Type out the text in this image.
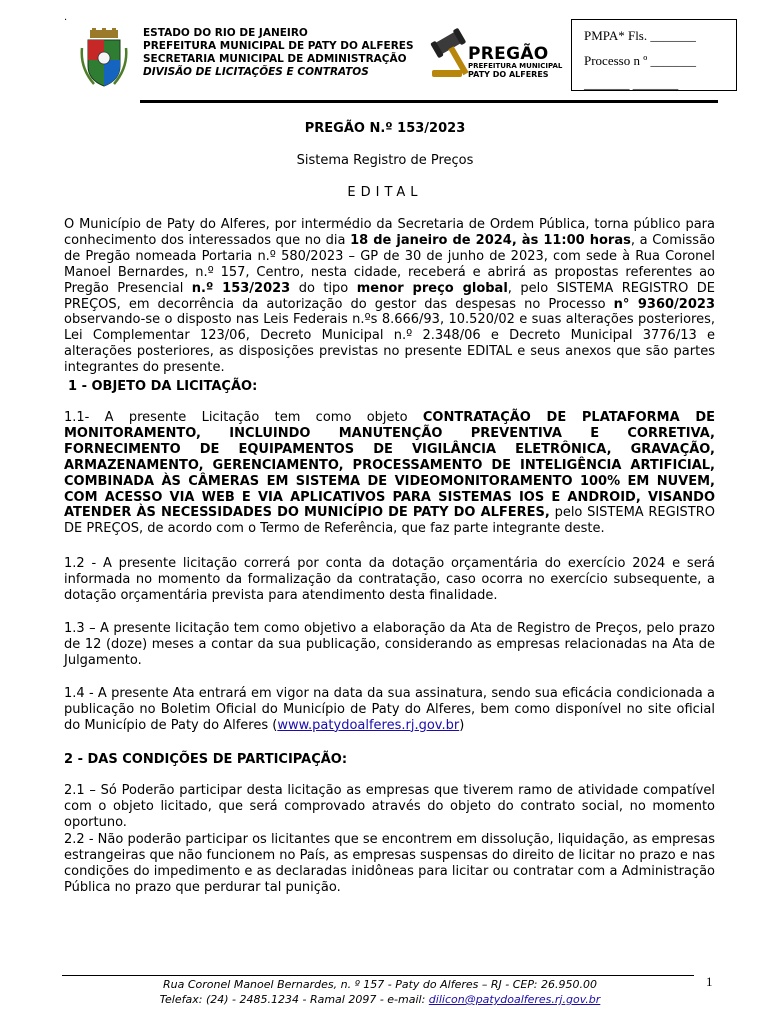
.
ESTADO DO RIO DE JANEIRO
PREFEITURA MUNICIPAL DE PATY DO ALFERES
SECRETARIA MUNICIPAL DE ADMINISTRAÇÃO
DIVISÃO DE LICITAÇÕES E CONTRATOS
PREGÃO
PREFEITURA MUNICIPAL
PATY DO ALFERES
PMPA* Fls. _______
Processo n º _______
_______ _______
PREGÃO N.º 153/2023
Sistema Registro de Preços
EDITAL
O Município de Paty do Alferes, por intermédio da Secretaria de Ordem Pública, torna público para conhecimento dos interessados que no dia 18 de janeiro de 2024, às 11:00 horas, a Comissão de Pregão nomeada Portaria n.º 580/2023 – GP de 30 de junho de 2023, com sede à Rua Coronel Manoel Bernardes, n.º 157, Centro, nesta cidade, receberá e abrirá as propostas referentes ao Pregão Presencial n.º 153/2023 do tipo menor preço global, pelo SISTEMA REGISTRO DE PREÇOS, em decorrência da autorização do gestor das despesas no Processo n° 9360/2023 observando-se o disposto nas Leis Federais n.ºs 8.666/93, 10.520/02 e suas alterações posteriores, Lei Complementar 123/06, Decreto Municipal n.º 2.348/06 e Decreto Municipal 3776/13 e alterações posteriores, as disposições previstas no presente EDITAL e seus anexos que são partes integrantes do presente.
1 - OBJETO DA LICITAÇÃO:
1.1- A presente Licitação tem como objeto CONTRATAÇÃO DE PLATAFORMA DE MONITORAMENTO, INCLUINDO MANUTENÇÃO PREVENTIVA E CORRETIVA, FORNECIMENTO DE EQUIPAMENTOS DE VIGILÂNCIA ELETRÔNICA, GRAVAÇÃO, ARMAZENAMENTO, GERENCIAMENTO, PROCESSAMENTO DE INTELIGÊNCIA ARTIFICIAL, COMBINADA ÀS CÂMERAS EM SISTEMA DE VIDEOMONITORAMENTO 100% EM NUVEM, COM ACESSO VIA WEB E VIA APLICATIVOS PARA SISTEMAS IOS E ANDROID, VISANDO ATENDER ÀS NECESSIDADES DO MUNICÍPIO DE PATY DO ALFERES, pelo SISTEMA REGISTRO DE PREÇOS, de acordo com o Termo de Referência, que faz parte integrante deste.
1.2 - A presente licitação correrá por conta da dotação orçamentária do exercício 2024 e será informada no momento da formalização da contratação, caso ocorra no exercício subsequente, a dotação orçamentária prevista para atendimento desta finalidade.
1.3 – A presente licitação tem como objetivo a elaboração da Ata de Registro de Preços, pelo prazo de 12 (doze) meses a contar da sua publicação, considerando as empresas relacionadas na Ata de Julgamento.
1.4 - A presente Ata entrará em vigor na data da sua assinatura, sendo sua eficácia condicionada a publicação no Boletim Oficial do Município de Paty do Alferes, bem como disponível no site oficial do Município de Paty do Alferes (www.patydoalferes.rj.gov.br)
2 - DAS CONDIÇÕES DE PARTICIPAÇÃO:
2.1 – Só Poderão participar desta licitação as empresas que tiverem ramo de atividade compatível com o objeto licitado, que será comprovado através do objeto do contrato social, no momento oportuno.
2.2 - Não poderão participar os licitantes que se encontrem em dissolução, liquidação, as empresas estrangeiras que não funcionem no País, as empresas suspensas do direito de licitar no prazo e nas condições do impedimento e as declaradas inidôneas para licitar ou contratar com a Administração Pública no prazo que perdurar tal punição.
Rua Coronel Manoel Bernardes, n. º 157 - Paty do Alferes – RJ - CEP: 26.950.00
Telefax: (24) - 2485.1234 - Ramal 2097 - e-mail: dilicon@patydoalferes.rj.gov.br
1
